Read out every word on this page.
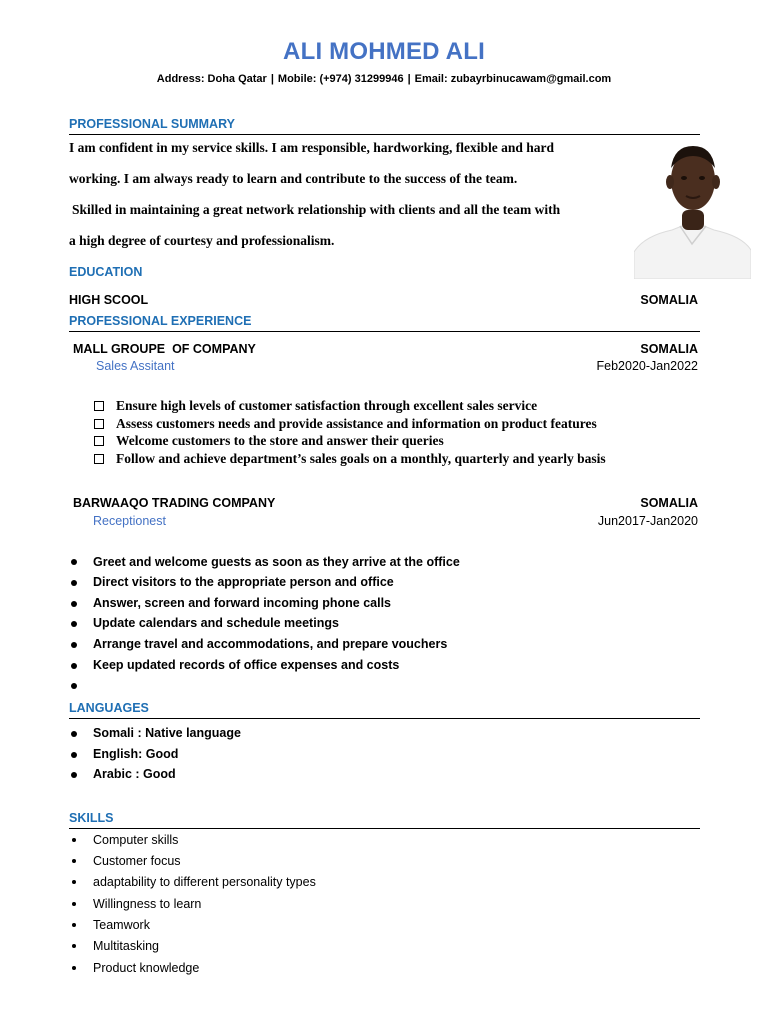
ALI MOHMED ALI
Address: Doha Qatar | Mobile: (+974) 31299946 | Email: zubayrbinucawam@gmail.com
PROFESSIONAL SUMMARY
I am confident in my service skills. I am responsible, hardworking, flexible and hard
working. I am always ready to learn and contribute to the success of the team.
Skilled in maintaining a great network relationship with clients and all the team with
a high degree of courtesy and professionalism.
EDUCATION
HIGH SCOOL	SOMALIA
PROFESSIONAL EXPERIENCE
MALL GROUPE  OF COMPANY	SOMALIA
Sales Assitant	Feb2020-Jan2022
Ensure high levels of customer satisfaction through excellent sales service
Assess customers needs and provide assistance and information on product features
Welcome customers to the store and answer their queries
Follow and achieve department’s sales goals on a monthly, quarterly and yearly basis
BARWAAQO TRADING COMPANY	SOMALIA
Receptionest	Jun2017-Jan2020
Greet and welcome guests as soon as they arrive at the office
Direct visitors to the appropriate person and office
Answer, screen and forward incoming phone calls
Update calendars and schedule meetings
Arrange travel and accommodations, and prepare vouchers
Keep updated records of office expenses and costs
LANGUAGES
Somali : Native language
English: Good
Arabic : Good
SKILLS
Computer skills
Customer focus
adaptability to different personality types
Willingness to learn
Teamwork
Multitasking
Product knowledge
